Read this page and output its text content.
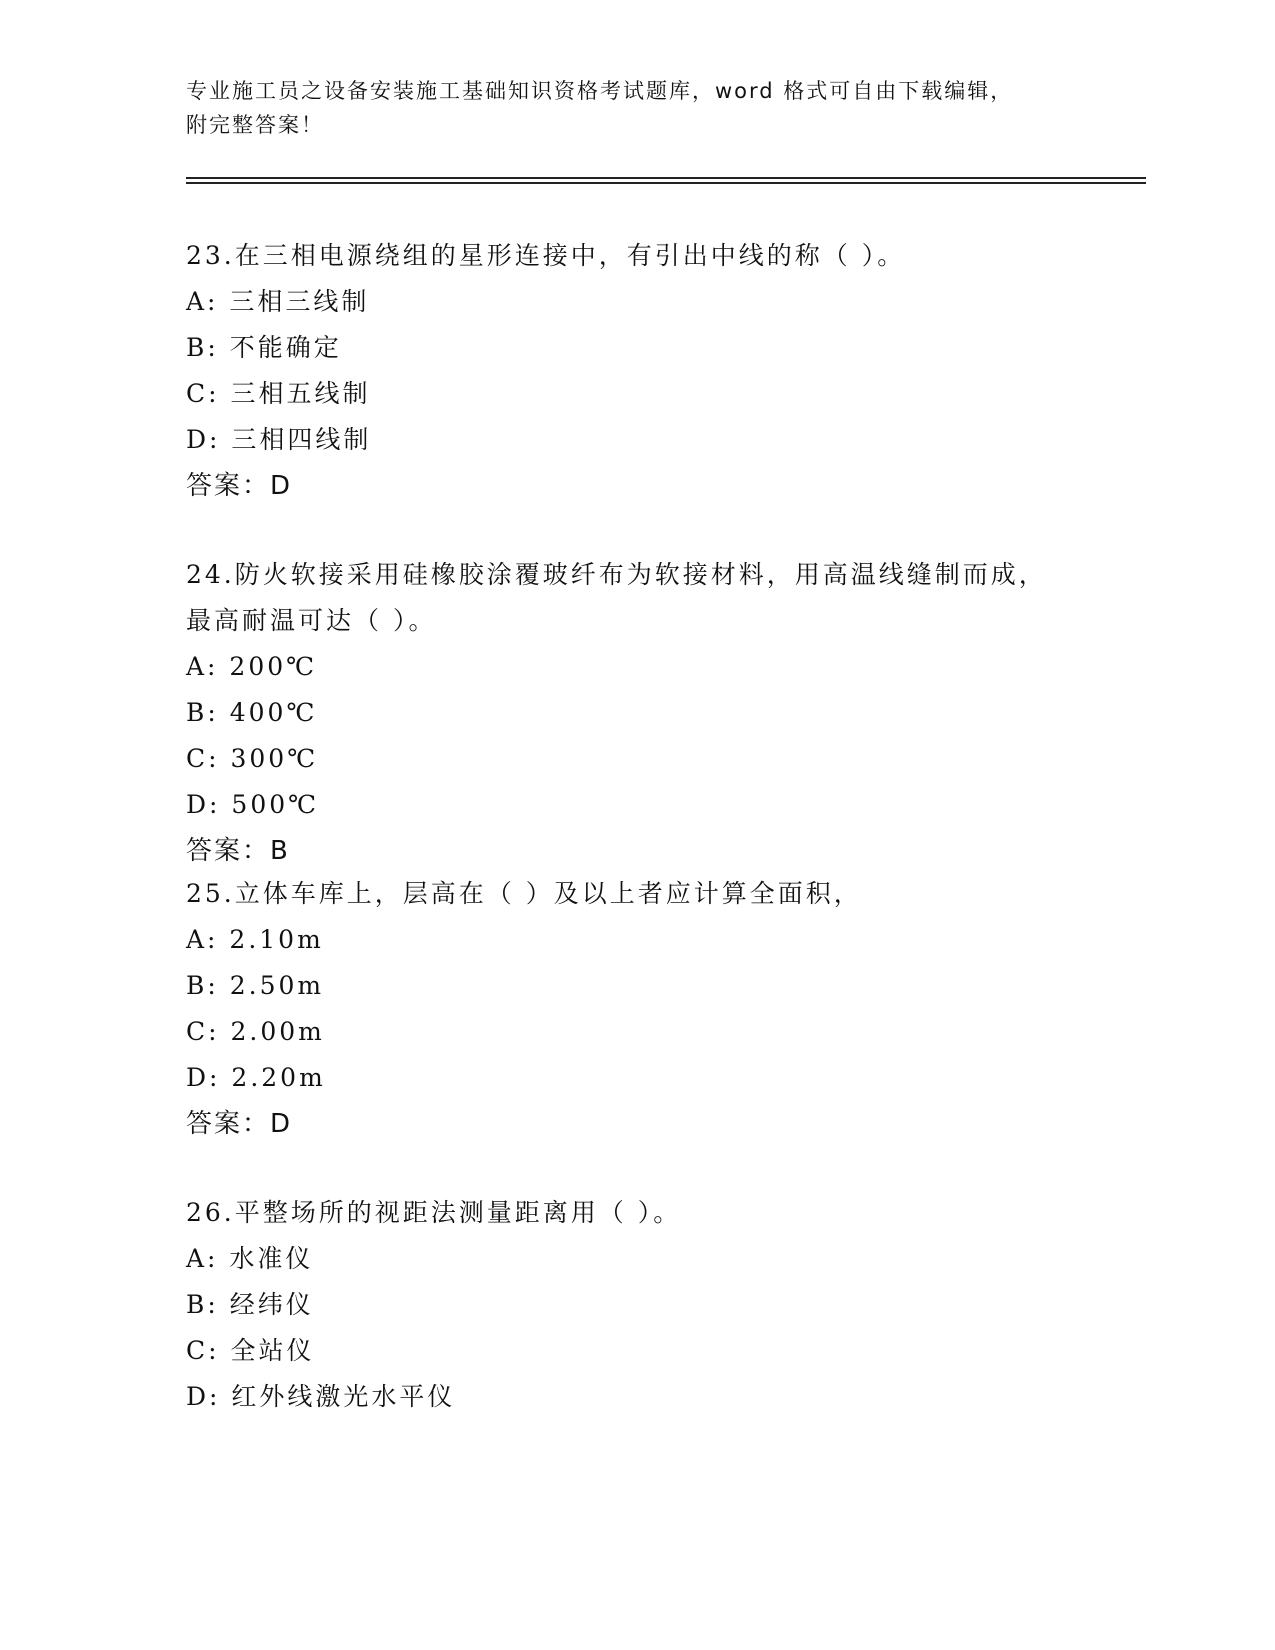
专业施工员之设备安装施工基础知识资格考试题库，word 格式可自由下载编辑，
附完整答案！
23.在三相电源绕组的星形连接中，有引出中线的称（ ）。
A: 三相三线制
B: 不能确定
C: 三相五线制
D: 三相四线制
答案：D
24.防火软接采用硅橡胶涂覆玻纤布为软接材料，用高温线缝制而成，
最高耐温可达（ ）。
A: 200℃
B: 400℃
C: 300℃
D: 500℃
答案：B
25.立体车库上，层高在（ ）及以上者应计算全面积，
A: 2.10m
B: 2.50m
C: 2.00m
D: 2.20m
答案：D
26.平整场所的视距法测量距离用（ ）。
A: 水准仪
B: 经纬仪
C: 全站仪
D: 红外线激光水平仪
